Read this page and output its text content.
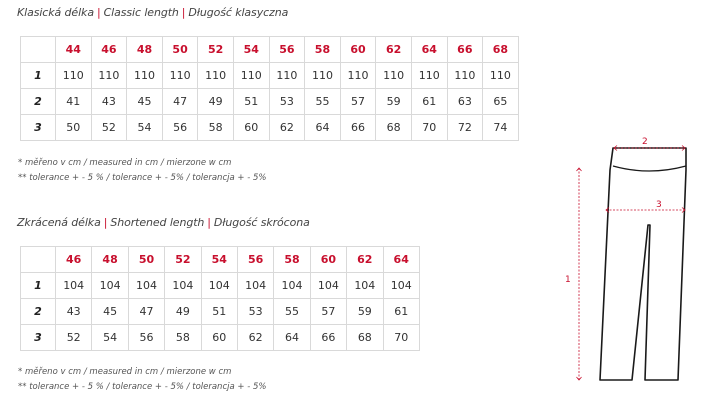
Klasická délka | Classic length | Długość klasyczna
	44	46	48	50	52	54	56	58	60	62	64	66	68
1	110	110	110	110	110	110	110	110	110	110	110	110	110
2	41	43	45	47	49	51	53	55	57	59	61	63	65
3	50	52	54	56	58	60	62	64	66	68	70	72	74
* měřeno v cm / measured in cm / mierzone w cm
** tolerance + - 5 % / tolerance + - 5% / tolerancja + - 5%
Zkrácená délka | Shortened length | Długość skrócona
	46	48	50	52	54	56	58	60	62	64
1	104	104	104	104	104	104	104	104	104	104
2	43	45	47	49	51	53	55	57	59	61
3	52	54	56	58	60	62	64	66	68	70
* měřeno v cm / measured in cm / mierzone w cm
** tolerance + - 5 % / tolerance + - 5% / tolerancja + - 5%
2
3
1
